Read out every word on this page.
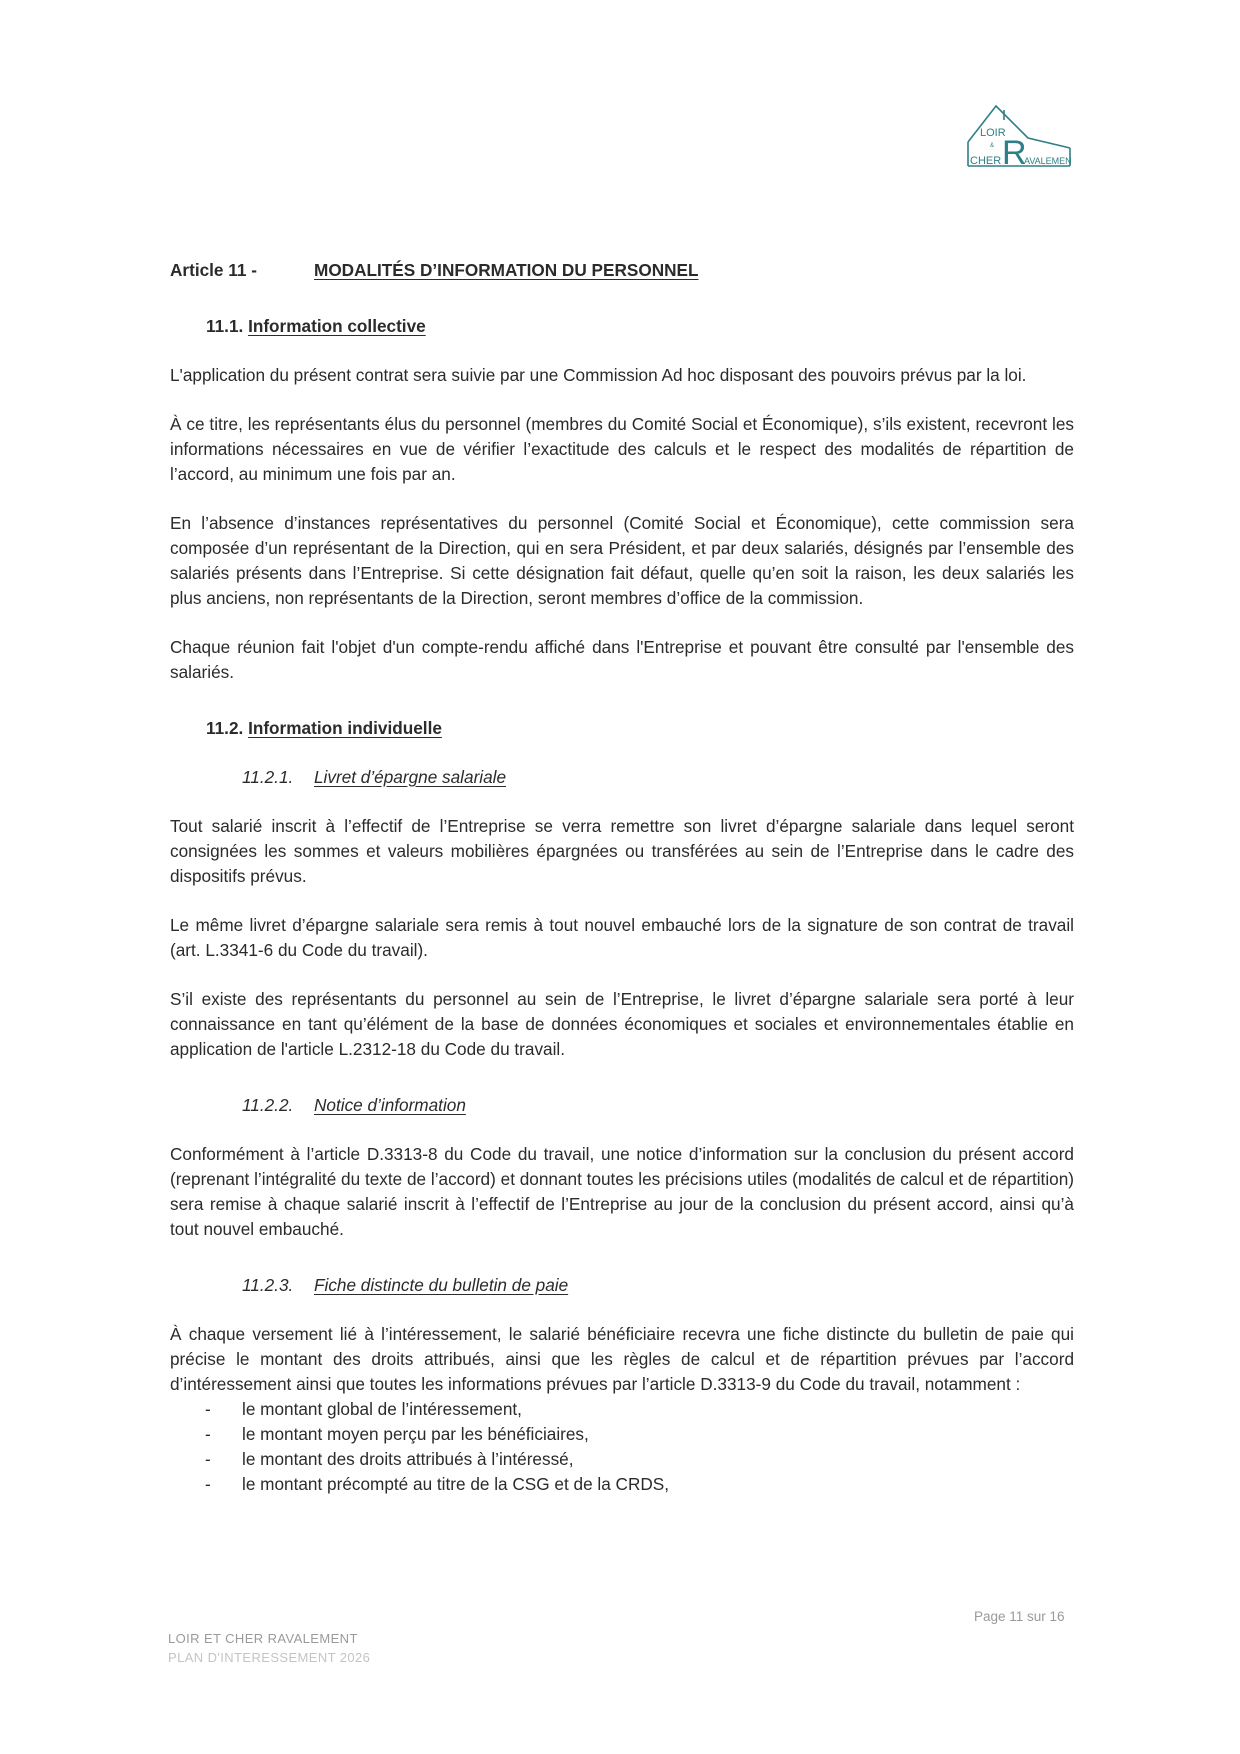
LOIR
&
CHER R
AVALEMENT
Article 11 -	MODALITÉS D’INFORMATION DU PERSONNEL
11.1. Information collective

L'application du présent contrat sera suivie par une Commission Ad hoc disposant des pouvoirs prévus par la loi.

À ce titre, les représentants élus du personnel (membres du Comité Social et Économique), s’ils existent, recevront les informations nécessaires en vue de vérifier l’exactitude des calculs et le respect des modalités de répartition de l’accord, au minimum une fois par an.

En l’absence d’instances représentatives du personnel (Comité Social et Économique), cette commission sera composée d’un représentant de la Direction, qui en sera Président, et par deux salariés, désignés par l’ensemble des salariés présents dans l’Entreprise. Si cette désignation fait défaut, quelle qu’en soit la raison, les deux salariés les plus anciens, non représentants de la Direction, seront membres d’office de la commission.

Chaque réunion fait l'objet d'un compte-rendu affiché dans l'Entreprise et pouvant être consulté par l'ensemble des salariés.

11.2. Information individuelle
11.2.1. Livret d’épargne salariale

Tout salarié inscrit à l’effectif de l’Entreprise se verra remettre son livret d’épargne salariale dans lequel seront consignées les sommes et valeurs mobilières épargnées ou transférées au sein de l’Entreprise dans le cadre des dispositifs prévus.

Le même livret d’épargne salariale sera remis à tout nouvel embauché lors de la signature de son contrat de travail (art. L.3341-6 du Code du travail).

S’il existe des représentants du personnel au sein de l’Entreprise, le livret d’épargne salariale sera porté à leur connaissance en tant qu’élément de la base de données économiques et sociales et environnementales établie en application de l'article L.2312-18 du Code du travail.

11.2.2. Notice d’information

Conformément à l’article D.3313-8 du Code du travail, une notice d’information sur la conclusion du présent accord (reprenant l’intégralité du texte de l’accord) et donnant toutes les précisions utiles (modalités de calcul et de répartition) sera remise à chaque salarié inscrit à l’effectif de l’Entreprise au jour de la conclusion du présent accord, ainsi qu’à tout nouvel embauché.

11.2.3. Fiche distincte du bulletin de paie

À chaque versement lié à l’intéressement, le salarié bénéficiaire recevra une fiche distincte du bulletin de paie qui précise le montant des droits attribués, ainsi que les règles de calcul et de répartition prévues par l’accord d’intéressement ainsi que toutes les informations prévues par l’article D.3313-9 du Code du travail, notamment :

-	le montant global de l’intéressement,
-	le montant moyen perçu par les bénéficiaires,
-	le montant des droits attribués à l’intéressé,
-	le montant précompté au titre de la CSG et de la CRDS,
Page 11 sur 16
LOIR ET CHER RAVALEMENT
PLAN D'INTERESSEMENT 2026
